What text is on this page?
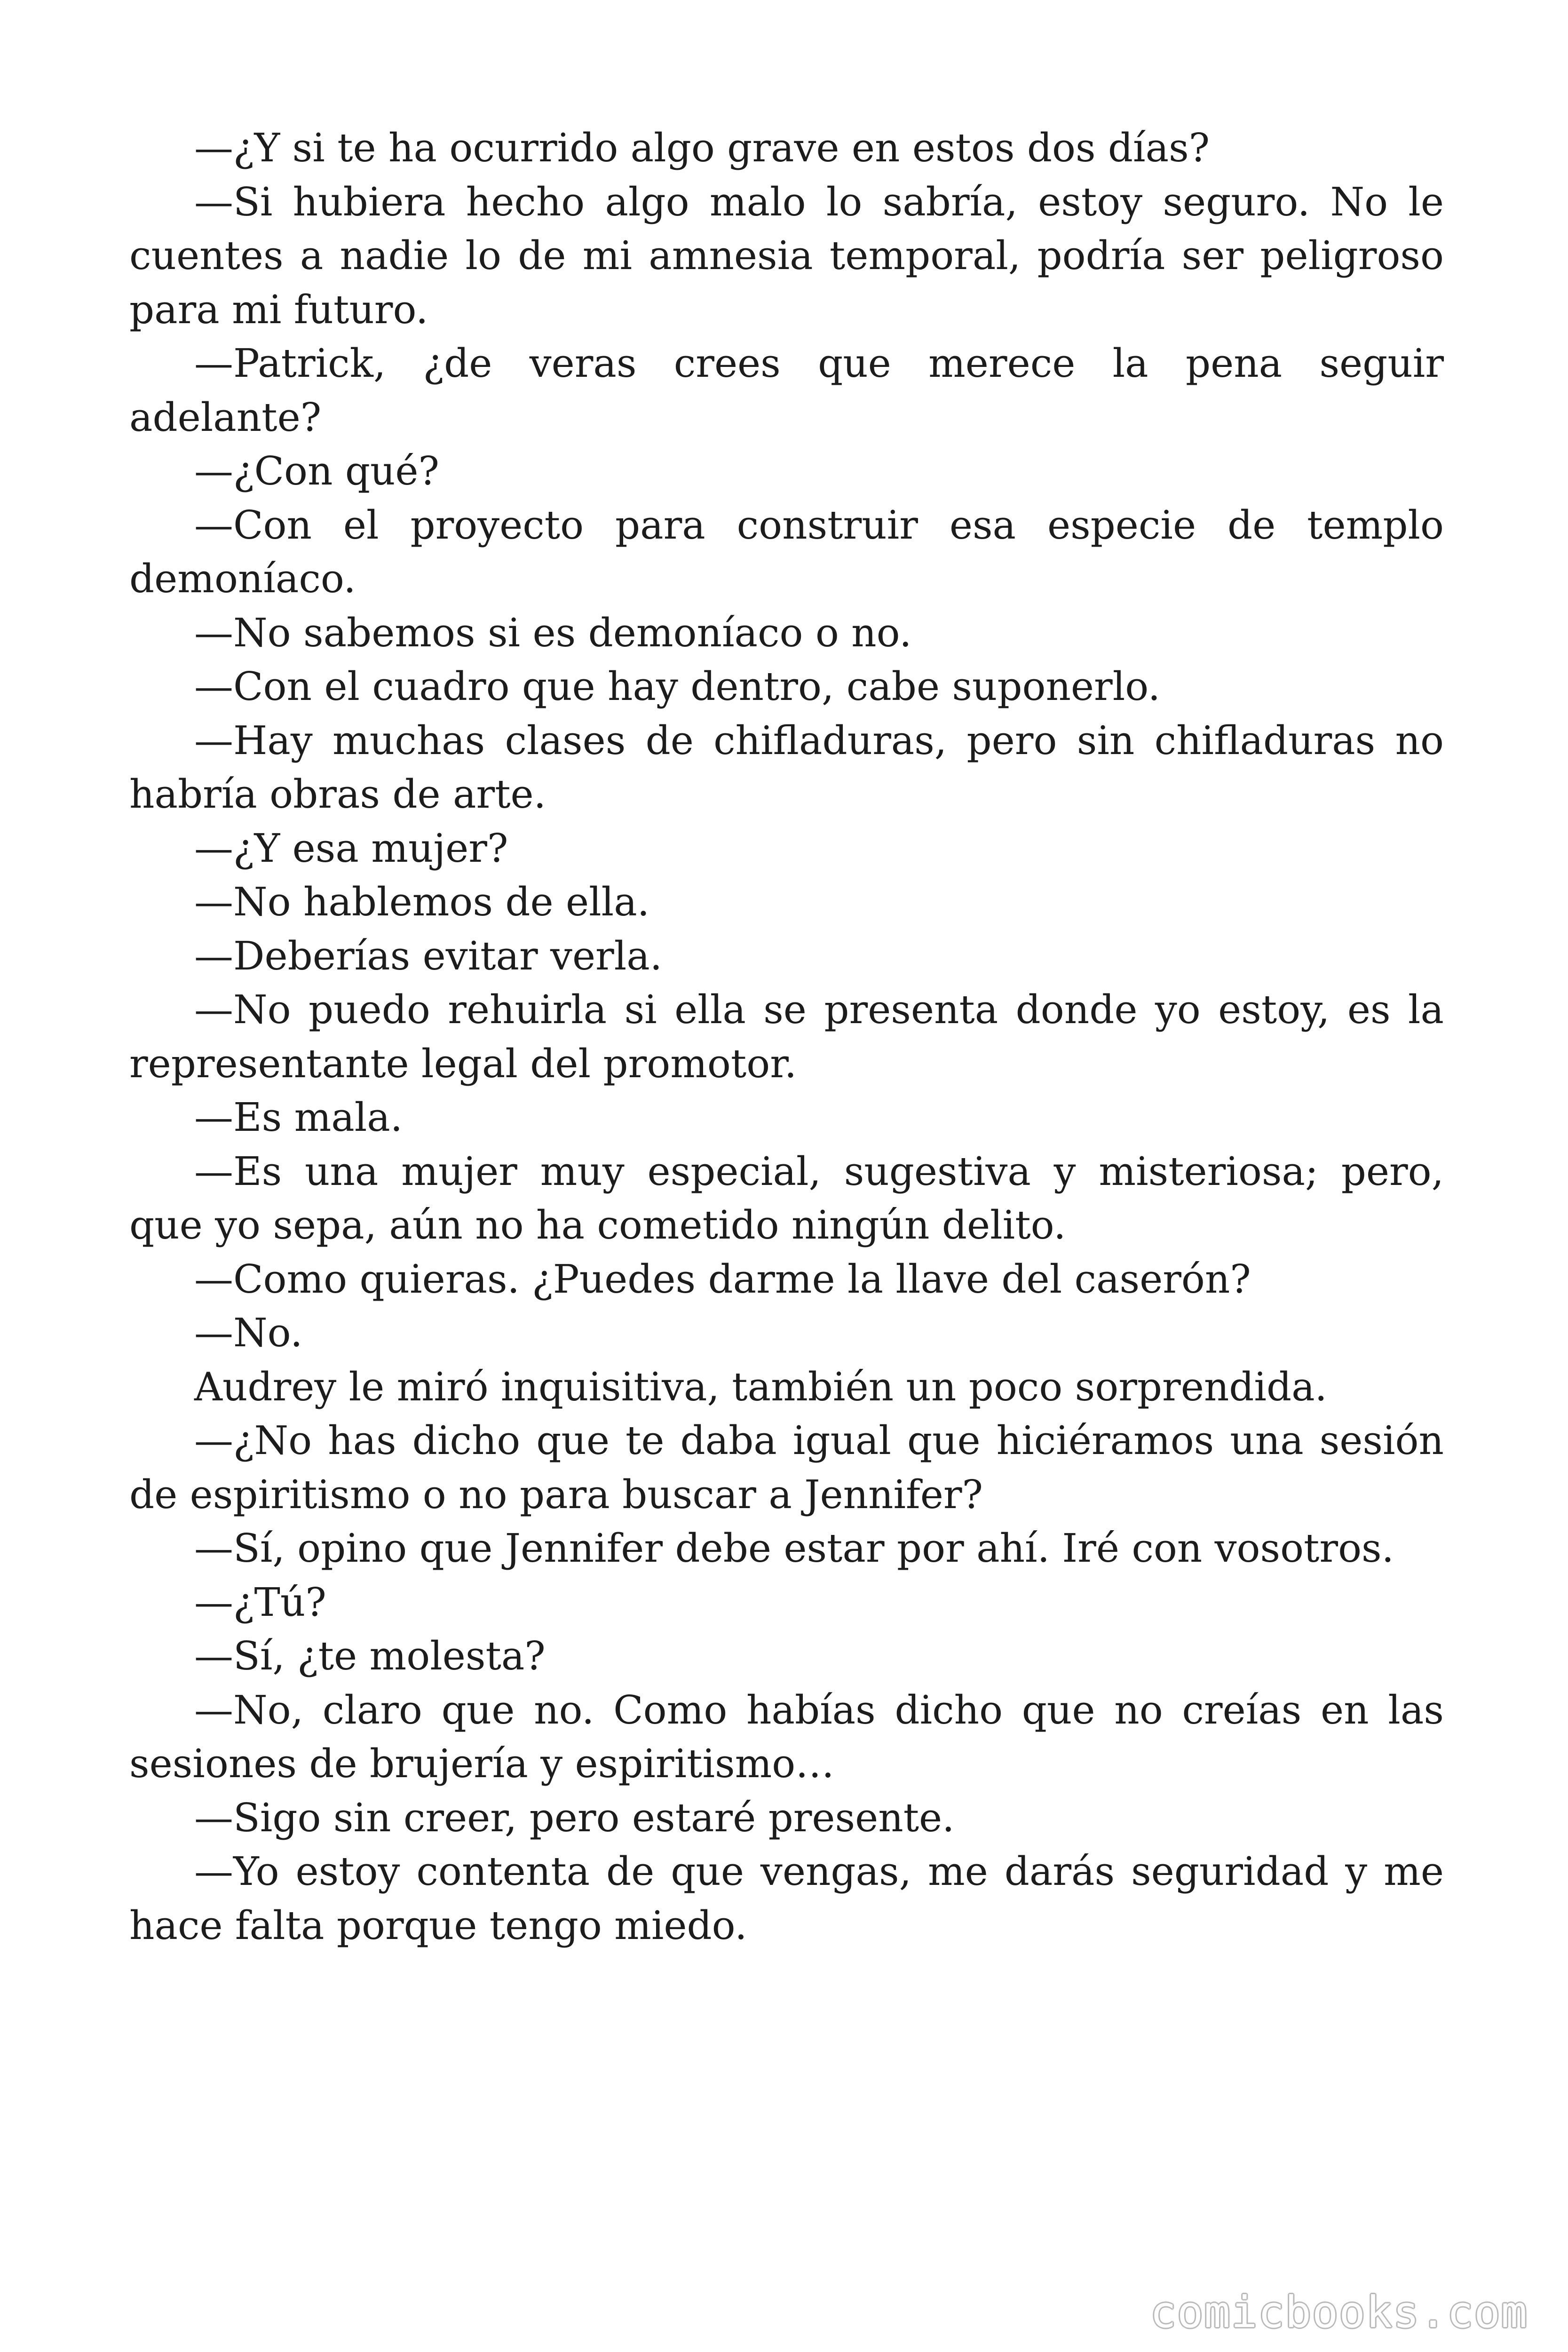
—¿Y si te ha ocurrido algo grave en estos dos días?

—Si hubiera hecho algo malo lo sabría, estoy seguro. No le cuentes a nadie lo de mi amnesia temporal, podría ser peligroso para mi futuro.

—Patrick, ¿de veras crees que merece la pena seguir adelante?

—¿Con qué?

—Con el proyecto para construir esa especie de templo demoníaco.

—No sabemos si es demoníaco o no.

—Con el cuadro que hay dentro, cabe suponerlo.

—Hay muchas clases de chifladuras, pero sin chifladuras no habría obras de arte.

—¿Y esa mujer?

—No hablemos de ella.

—Deberías evitar verla.

—No puedo rehuirla si ella se presenta donde yo estoy, es la representante legal del promotor.

—Es mala.

—Es una mujer muy especial, sugestiva y misteriosa; pero, que yo sepa, aún no ha cometido ningún delito.

—Como quieras. ¿Puedes darme la llave del caserón?

—No.

Audrey le miró inquisitiva, también un poco sorprendida.

—¿No has dicho que te daba igual que hiciéramos una sesión de espiritismo o no para buscar a Jennifer?

—Sí, opino que Jennifer debe estar por ahí. Iré con vosotros.

—¿Tú?

—Sí, ¿te molesta?

—No, claro que no. Como habías dicho que no creías en las sesiones de brujería y espiritismo…

—Sigo sin creer, pero estaré presente.

—Yo estoy contenta de que vengas, me darás seguridad y me hace falta porque tengo miedo.

comicbooks.com
